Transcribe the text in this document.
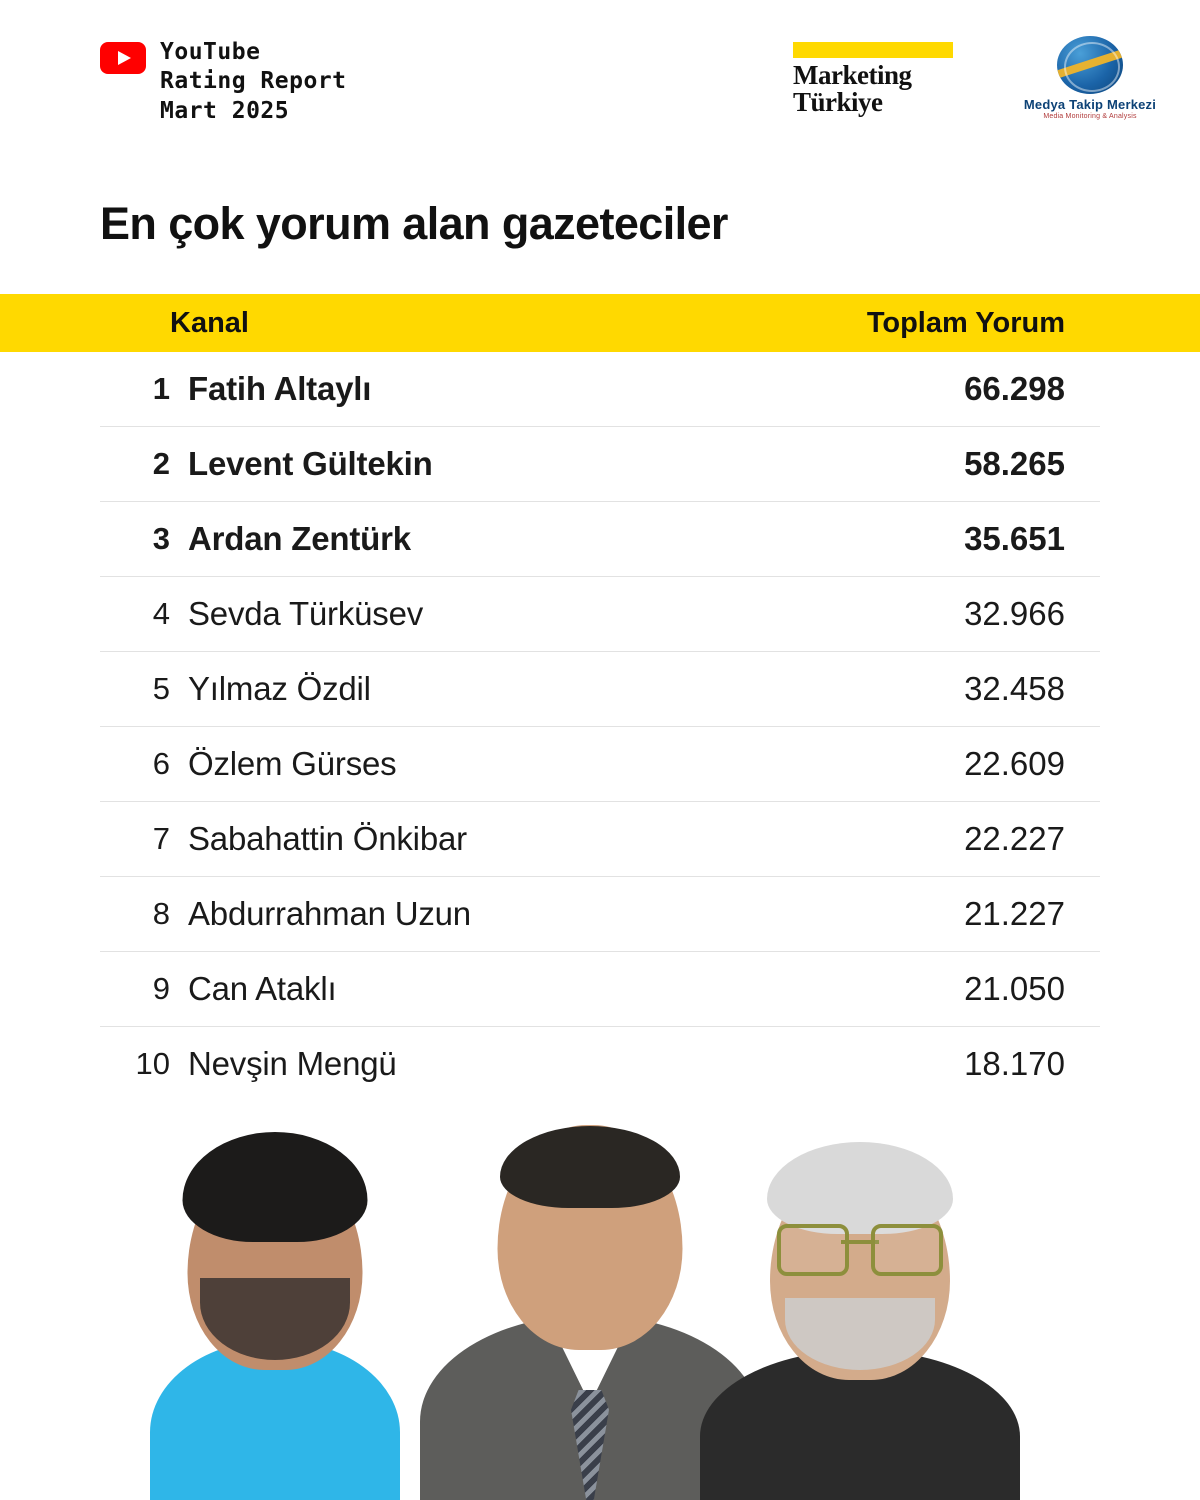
YouTube
Rating Report
Mart 2025
Marketing
Türkiye	Medya Takip Merkezi
Media Monitoring & Analysis
En çok yorum alan gazeteciler
Kanal	Toplam Yorum
1 Fatih Altaylı	66.298
2 Levent Gültekin	58.265
3 Ardan Zentürk	35.651
4 Sevda Türküsev	32.966
5 Yılmaz Özdil	32.458
6 Özlem Gürses	22.609
7 Sabahattin Önkibar	22.227
8 Abdurrahman Uzun	21.227
9 Can Ataklı	21.050
10 Nevşin Mengü	18.170
